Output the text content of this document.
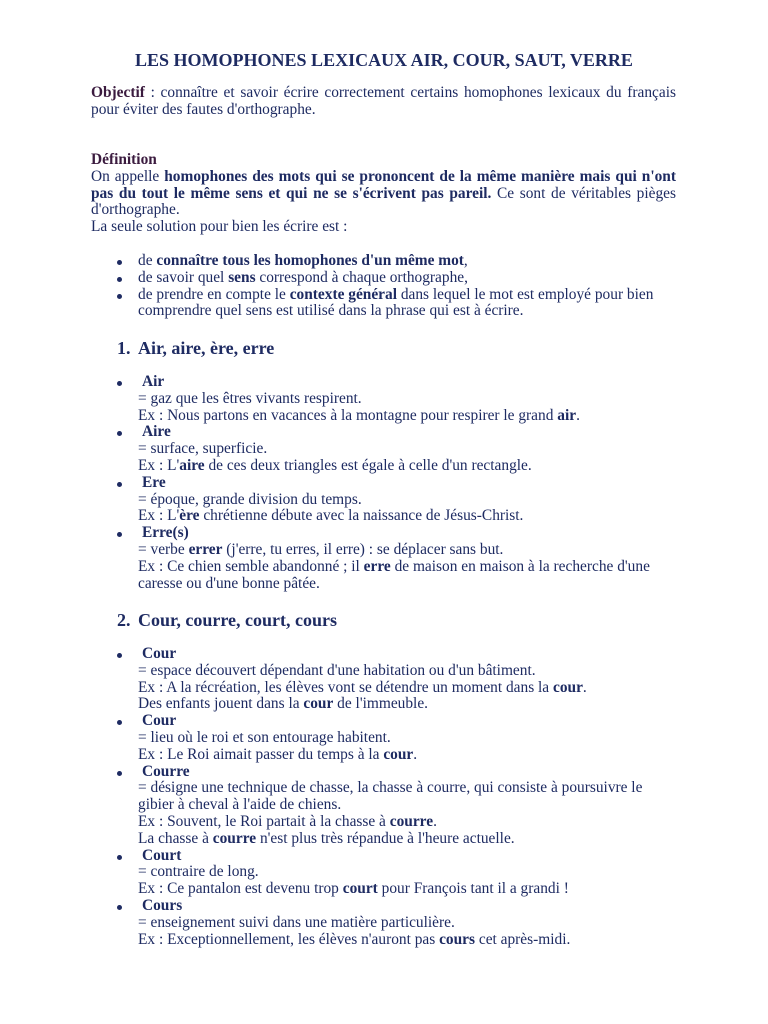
LES HOMOPHONES LEXICAUX AIR, COUR, SAUT, VERRE
Objectif : connaître et savoir écrire correctement certains homophones lexicaux du français
pour éviter des fautes d'orthographe.
Définition
On appelle homophones des mots qui se prononcent de la même manière mais qui n'ont
pas du tout le même sens et qui ne se s'écrivent pas pareil. Ce sont de véritables pièges
d'orthographe.
La seule solution pour bien les écrire est :
de connaître tous les homophones d'un même mot,
de savoir quel sens correspond à chaque orthographe,
de prendre en compte le contexte général dans lequel le mot est employé pour bien
comprendre quel sens est utilisé dans la phrase qui est à écrire.
1. Air, aire, ère, erre
Air
= gaz que les êtres vivants respirent.
Ex : Nous partons en vacances à la montagne pour respirer le grand air.
Aire
= surface, superficie.
Ex : L'aire de ces deux triangles est égale à celle d'un rectangle.
Ere
= époque, grande division du temps.
Ex : L'ère chrétienne débute avec la naissance de Jésus-Christ.
Erre(s)
= verbe errer (j'erre, tu erres, il erre) : se déplacer sans but.
Ex : Ce chien semble abandonné ; il erre de maison en maison à la recherche d'une
caresse ou d'une bonne pâtée.
2. Cour, courre, court, cours
Cour
= espace découvert dépendant d'une habitation ou d'un bâtiment.
Ex : A la récréation, les élèves vont se détendre un moment dans la cour.
Des enfants jouent dans la cour de l'immeuble.
Cour
= lieu où le roi et son entourage habitent.
Ex : Le Roi aimait passer du temps à la cour.
Courre
= désigne une technique de chasse, la chasse à courre, qui consiste à poursuivre le
gibier à cheval à l'aide de chiens.
Ex : Souvent, le Roi partait à la chasse à courre.
La chasse à courre n'est plus très répandue à l'heure actuelle.
Court
= contraire de long.
Ex : Ce pantalon est devenu trop court pour François tant il a grandi !
Cours
= enseignement suivi dans une matière particulière.
Ex : Exceptionnellement, les élèves n'auront pas cours cet après-midi.
